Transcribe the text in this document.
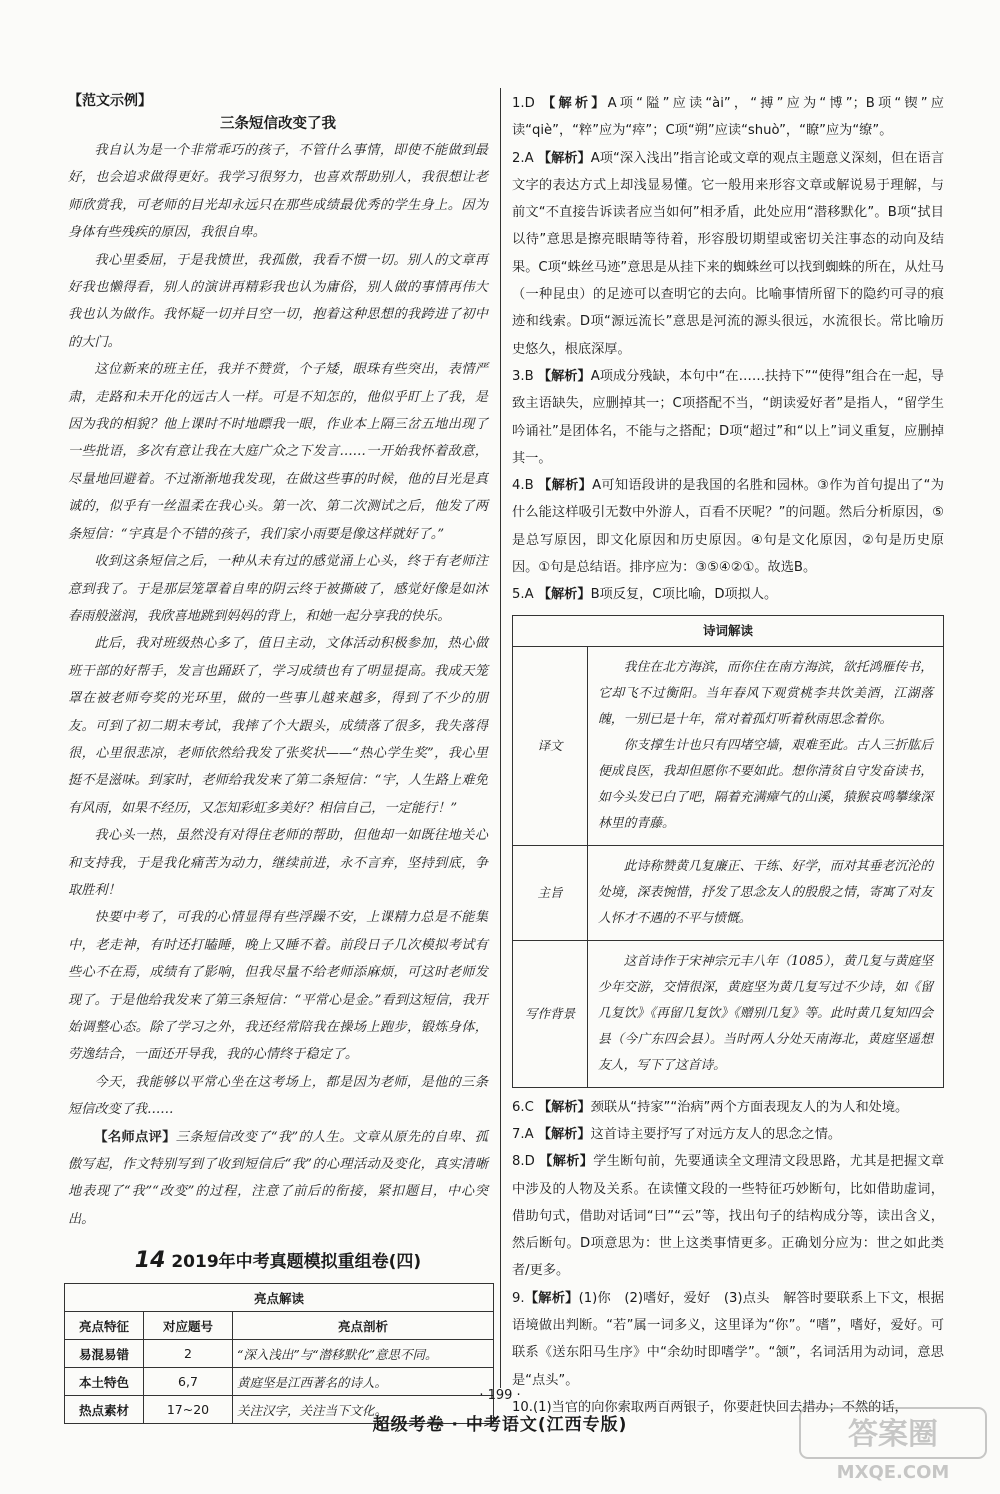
【范文示例】
三条短信改变了我

我自认为是一个非常乖巧的孩子，不管什么事情，即使不能做到最好，也会追求做得更好。我学习很努力，也喜欢帮助别人，我很想让老师欣赏我，可老师的目光却永远只在那些成绩最优秀的学生身上。因为身体有些残疾的原因，我很自卑。

我心里委屈，于是我愤世，我孤傲，我看不惯一切。别人的文章再好我也懒得看，别人的演讲再精彩我也认为庸俗，别人做的事情再伟大我也认为做作。我怀疑一切并目空一切，抱着这种思想的我跨进了初中的大门。

这位新来的班主任，我并不赞赏，个子矮，眼珠有些突出，表情严肃，走路和未开化的远古人一样。可是不知怎的，他似乎盯上了我，是因为我的相貌？他上课时不时地瞟我一眼，作业本上隔三岔五地出现了一些批语，多次有意让我在大庭广众之下发言……一开始我怀着敌意，尽量地回避着。不过渐渐地我发现，在做这些事的时候，他的目光是真诚的，似乎有一丝温柔在我心头。第一次、第二次测试之后，他发了两条短信：“宇真是个不错的孩子，我们家小雨要是像这样就好了。”

收到这条短信之后，一种从未有过的感觉涌上心头，终于有老师注意到我了。于是那层笼罩着自卑的阴云终于被撕破了，感觉好像是如沐春雨般滋润，我欣喜地跳到妈妈的背上，和她一起分享我的快乐。

此后，我对班级热心多了，值日主动，文体活动积极参加，热心做班干部的好帮手，发言也踊跃了，学习成绩也有了明显提高。我成天笼罩在被老师夸奖的光环里，做的一些事儿越来越多，得到了不少的朋友。可到了初二期末考试，我摔了个大跟头，成绩落了很多，我失落得很，心里很悲凉，老师依然给我发了张奖状——“热心学生奖”，我心里挺不是滋味。到家时，老师给我发来了第二条短信：“宇，人生路上难免有风雨，如果不经历，又怎知彩虹多美好？相信自己，一定能行！”

我心头一热，虽然没有对得住老师的帮助，但他却一如既往地关心和支持我，于是我化痛苦为动力，继续前进，永不言弃，坚持到底，争取胜利！

快要中考了，可我的心情显得有些浮躁不安，上课精力总是不能集中，老走神，有时还打瞌睡，晚上又睡不着。前段日子几次模拟考试有些心不在焉，成绩有了影响，但我尽量不给老师添麻烦，可这时老师发现了。于是他给我发来了第三条短信：“平常心是金。”看到这短信，我开始调整心态。除了学习之外，我还经常陪我在操场上跑步，锻炼身体，劳逸结合，一面还开导我，我的心情终于稳定了。

今天，我能够以平常心坐在这考场上，都是因为老师，是他的三条短信改变了我……

【名师点评】三条短信改变了“我”的人生。文章从原先的自卑、孤傲写起，作文特别写到了收到短信后“我”的心理活动及变化，真实清晰地表现了“我”“改变”的过程，注意了前后的衔接，紧扣题目，中心突出。

14 2019年中考真题模拟重组卷(四)
亮点解读		
亮点特征	对应题号	亮点剖析
易混易错	2	“深入浅出”与“潜移默化”意思不同。
本土特色	6,7	黄庭坚是江西著名的诗人。
热点素材	17~20	关注汉字，关注当下文化。

1.D 【解析】A项“隘”应读“ài”，“搏”应为“博”；B项“锲”应读“qiè”，“粹”应为“瘁”；C项“朔”应读“shuò”，“瞭”应为“缭”。

2.A 【解析】A项“深入浅出”指言论或文章的观点主题意义深刻，但在语言文字的表达方式上却浅显易懂。它一般用来形容文章或解说易于理解，与前文“不直接告诉读者应当如何”相矛盾，此处应用“潜移默化”。B项“拭目以待”意思是擦亮眼睛等待着，形容殷切期望或密切关注事态的动向及结果。C项“蛛丝马迹”意思是从挂下来的蜘蛛丝可以找到蜘蛛的所在，从灶马（一种昆虫）的足迹可以查明它的去向。比喻事情所留下的隐约可寻的痕迹和线索。D项“源远流长”意思是河流的源头很远，水流很长。常比喻历史悠久，根底深厚。

3.B 【解析】A项成分残缺，本句中“在……扶持下”“使得”组合在一起，导致主语缺失，应删掉其一；C项搭配不当，“朗读爱好者”是指人，“留学生吟诵社”是团体名，不能与之搭配；D项“超过”和“以上”词义重复，应删掉其一。

4.B 【解析】A可知语段讲的是我国的名胜和园林。③作为首句提出了“为什么能这样吸引无数中外游人，百看不厌呢？”的问题。然后分析原因，⑤是总写原因，即文化原因和历史原因。④句是文化原因，②句是历史原因。①句是总结语。排序应为：③⑤④②①。故选B。

5.A 【解析】B项反复，C项比喻，D项拟人。

诗词解读	
译文	我住在北方海滨，而你住在南方海滨，欲托鸿雁传书，它却飞不过衡阳。当年春风下观赏桃李共饮美酒，江湖落魄，一别已是十年，常对着孤灯听着秋雨思念着你。

你支撑生计也只有四堵空墙，艰难至此。古人三折肱后便成良医，我却但愿你不要如此。想你清贫自守发奋读书，如今头发已白了吧，隔着充满瘴气的山溪，猿猴哀鸣攀缘深林里的青藤。

主旨	此诗称赞黄几复廉正、干练、好学，而对其垂老沉沦的处境，深表惋惜，抒发了思念友人的殷殷之情，寄寓了对友人怀才不遇的不平与愤慨。

写作背景	这首诗作于宋神宗元丰八年（1085），黄几复与黄庭坚少年交游，交情很深，黄庭坚为黄几复写过不少诗，如《留几复饮》《再留几复饮》《赠别几复》等。此时黄几复知四会县（今广东四会县）。当时两人分处天南海北，黄庭坚遥想友人，写下了这首诗。

6.C 【解析】颈联从“持家”“治病”两个方面表现友人的为人和处境。

7.A 【解析】这首诗主要抒写了对远方友人的思念之情。

8.D 【解析】学生断句前，先要通读全文理清文段思路，尤其是把握文章中涉及的人物及关系。在读懂文段的一些特征巧妙断句，比如借助虚词，借助句式，借助对话词“曰”“云”等，找出句子的结构成分等，读出含义，然后断句。D项意思为：世上这类事情更多。正确划分应为：世之如此类者/更多。

9.【解析】(1)你　(2)嗜好，爱好　(3)点头　解答时要联系上下文，根据语境做出判断。“若”属一词多义，这里译为“你”。“嗜”，嗜好，爱好。可联系《送东阳马生序》中“余幼时即嗜学”。“颔”，名词活用为动词，意思是“点头”。

10.(1)当官的向你索取两百两银子，你要赶快回去措办；不然的话，

· 199 ·
超级考卷 · 中考语文(江西专版)	答案圈
MXQE.COM
